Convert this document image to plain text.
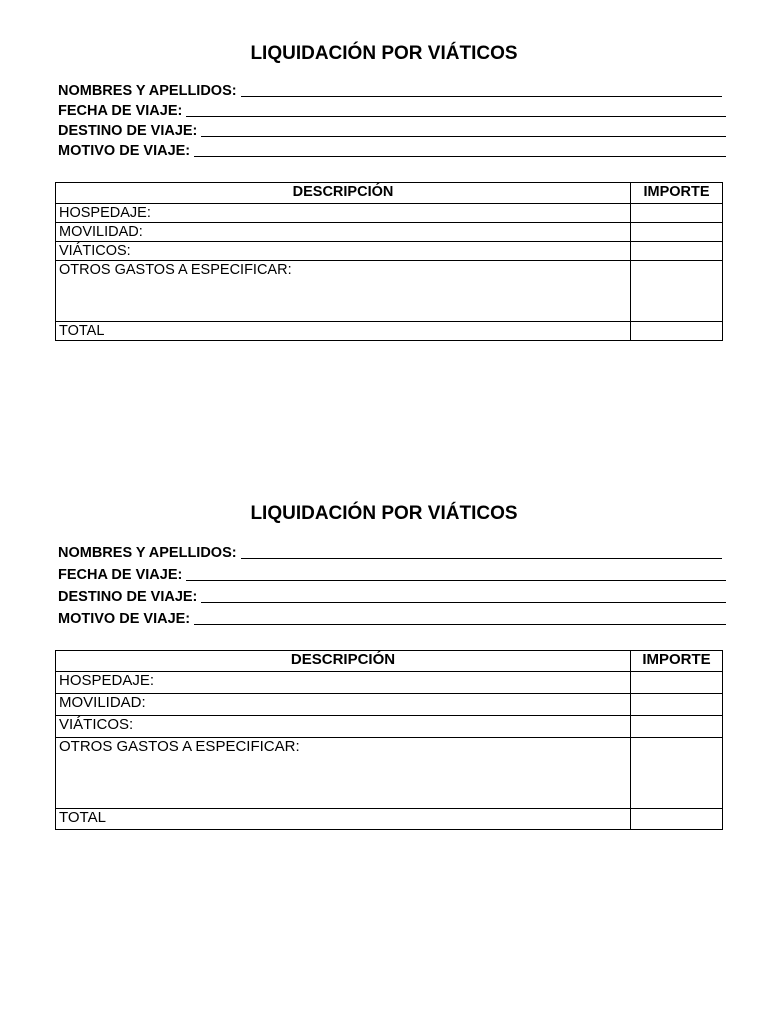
LIQUIDACIÓN POR VIÁTICOS
NOMBRES Y APELLIDOS:
FECHA DE VIAJE:
DESTINO DE VIAJE:
MOTIVO DE VIAJE:
DESCRIPCIÓN	IMPORTE
HOSPEDAJE:	
MOVILIDAD:	
VIÁTICOS:	
OTROS GASTOS A ESPECIFICAR:	
TOTAL	
LIQUIDACIÓN POR VIÁTICOS
NOMBRES Y APELLIDOS:
FECHA DE VIAJE:
DESTINO DE VIAJE:
MOTIVO DE VIAJE:
DESCRIPCIÓN	IMPORTE
HOSPEDAJE:	
MOVILIDAD:	
VIÁTICOS:	
OTROS GASTOS A ESPECIFICAR:	
TOTAL	
